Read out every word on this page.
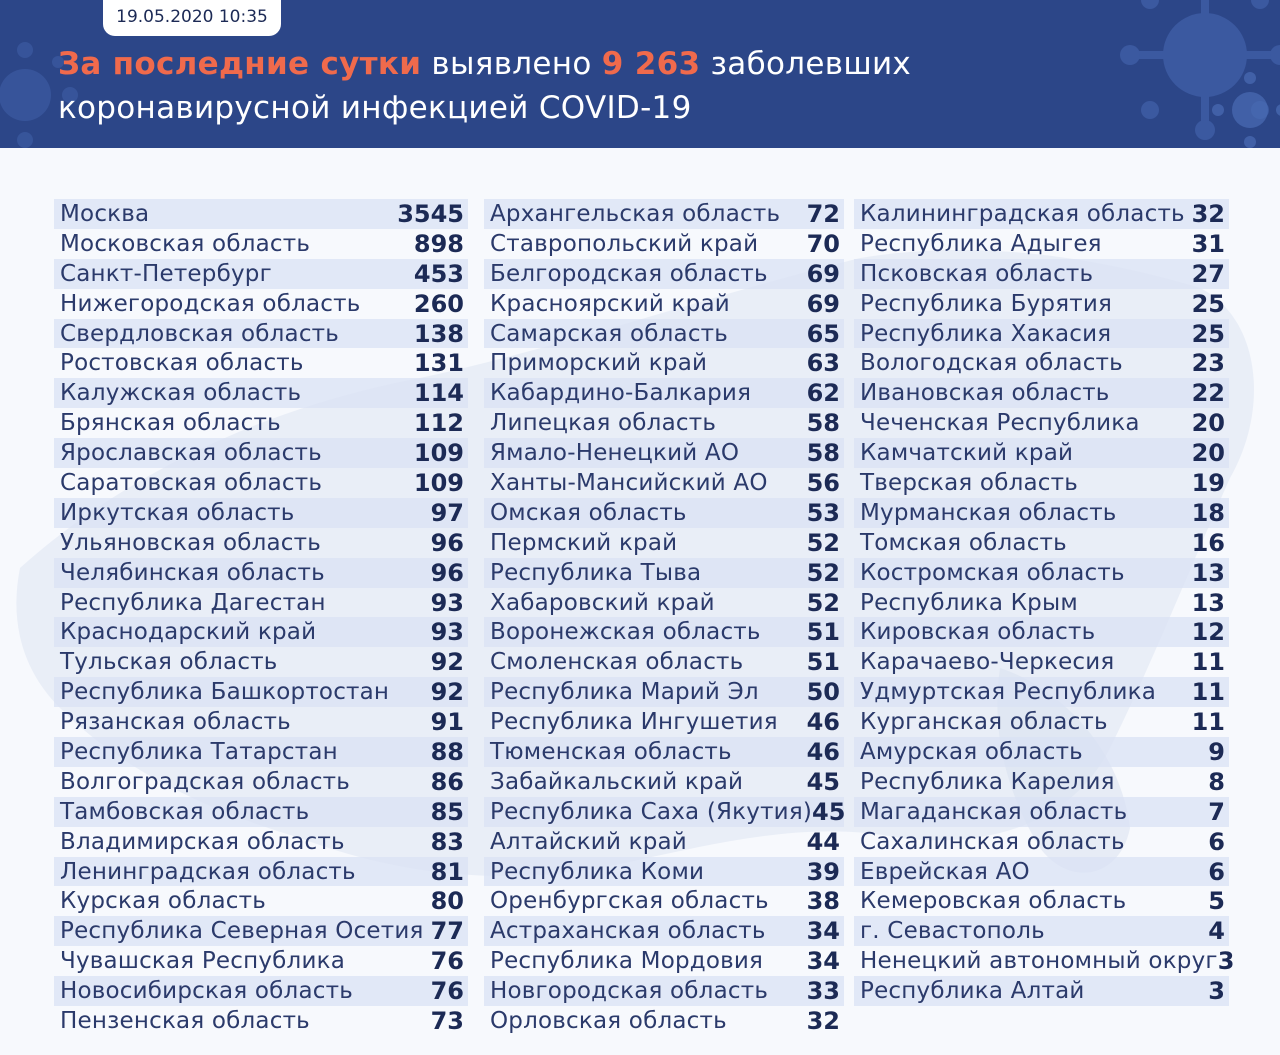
19.05.2020 10:35
За последние сутки выявлено 9 263 заболевших
коронавирусной инфекцией COVID-19
Москва	3545
Московская область	898
Санкт-Петербург	453
Нижегородская область 260
Свердловская область	138
Ростовская область	131
Калужская область	114
Брянская область	112
Ярославская область	109
Саратовская область	109
Иркутская область	97
Ульяновская область	96
Челябинская область	96
Республика Дагестан	93
Краснодарский край	93
Тульская область	92
Республика Башкортостан 92
Рязанская область	91
Республика Татарстан	88
Волгоградская область	86
Тамбовская область	85
Владимирская область	83
Ленинградская область	81
Курская область	80
Республика Северная Осетия 77
Чувашская Республика	76
Новосибирская область	76
Пензенская область	73
Архангельская область 72
Ставропольский край 70
Белгородская область 69
Красноярский край	69
Самарская область	65
Приморский край	63
Кабардино-Балкария 62
Липецкая область	58
Ямало-Ненецкий АО	58
Ханты-Мансийский АО 56
Омская область	53
Пермский край	52
Республика Тыва	52
Хабаровский край	52
Воронежская область 51
Смоленская область	51
Республика Марий Эл 50
Республика Ингушетия 46
Тюменская область	46
Забайкальский край	45
Республика Саха (Якутия) 45
Алтайский край	44
Республика Коми	39
Оренбургская область 38
Астраханская область 34
Республика Мордовия 34
Новгородская область 33
Орловская область	32
Калининградская область 32
Республика Адыгея	31
Псковская область	27
Республика Бурятия	25
Республика Хакасия	25
Вологодская область	23
Ивановская область	22
Чеченская Республика 20
Камчатский край	20
Тверская область	19
Мурманская область	18
Томская область	16
Костромская область	13
Республика Крым	13
Кировская область	12
Карачаево-Черкесия	11
Удмуртская Республика 11
Курганская область	11
Амурская область	9
Республика Карелия	8
Магаданская область	7
Сахалинская область	6
Еврейская АО	6
Кемеровская область	5
г. Севастополь	4
Ненецкий автономный округ 3
Республика Алтай	3
